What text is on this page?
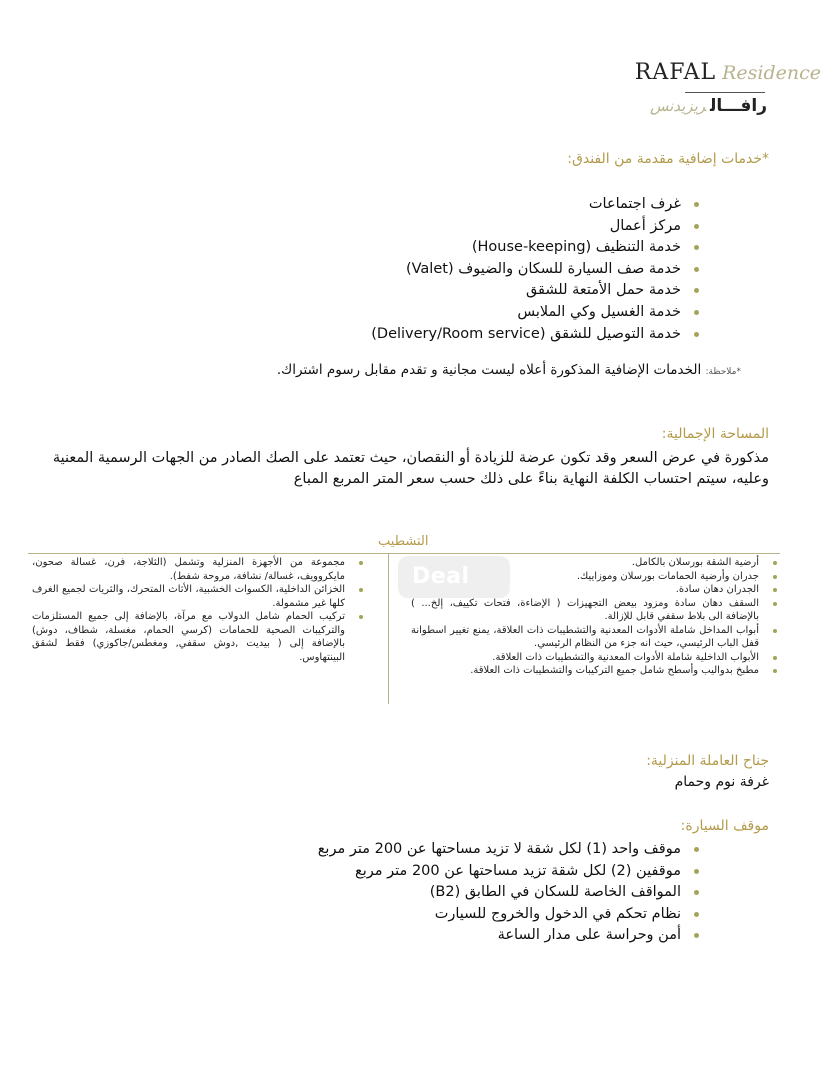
RAFAL Residence
رافـــالريزيدنس
*خدمات إضافية مقدمة من الفندق:
غرف اجتماعات
مركز أعمال
خدمة التنظيف (House-keeping)
خدمة صف السيارة للسكان والضيوف (Valet)
خدمة حمل الأمتعة للشقق
خدمة الغسيل وكي الملابس
خدمة التوصيل للشقق (Delivery/Room service)
*ملاحظة: الخدمات الإضافية المذكورة أعلاه ليست مجانية و تقدم مقابل رسوم اشتراك.
المساحة الإجمالية:
مذكورة في عرض السعر وقد تكون عرضة للزيادة أو النقصان، حيث تعتمد على الصك الصادر من الجهات الرسمية المعنية وعليه، سيتم احتساب الكلفة النهاية بناءً على ذلك حسب سعر المتر المربع المباع
التشطيب
أرضية الشقة بورسلان بالكامل.
جدران وأرضية الحمامات بورسلان وموزاييك.
الجدران دهان سادة.
السقف دهان سادة ومزود بيعض التجهيزات ( الإضاءة، فتحات تكييف، إلخ... ) بالإضافة الى بلاط سقفي قابل للإزالة.
أبواب المداخل شاملة الأدوات المعدنية والتشطيبات ذات العلاقة، يمنع تغيير اسطوانة قفل الباب الرئيسي، حيث انه جزء من النظام الرئيسي.
الأبواب الداخلية شاملة الأدوات المعدنية والتشطيبات ذات العلاقة.
مطبخ بدواليب وأسطح شامل جميع التركيبات والتشطيبات ذات العلاقة.
مجموعة من الأجهزة المنزلية وتشمل (الثلاجة، فرن، غسالة صحون، مايكروويف، غسالة/ نشافة، مروحة شفط).
الخزائن الداخلية، الكسوات الخشبية، الأثاث المتحرك، والثريات لجميع الغرف كلها غير مشمولة.
تركيب الحمام شامل الدولاب مع مرآة، بالإضافة إلى جميع المستلزمات والتركيبات الصحية للحمامات (كرسي الحمام، مغسلة، شطاف، دوش) بالإضافة إلى ( بيديت ,دوش سقفي, ومغطس/جاكوزي) فقط لشقق البينتهاوس.
Deal
جناح العاملة المنزلية:
غرفة نوم وحمام
موقف السيارة:
موقف واحد (1) لكل شقة لا تزيد مساحتها عن 200 متر مربع
موقفين (2) لكل شقة تزيد مساحتها عن 200 متر مربع
المواقف الخاصة للسكان في الطابق (B2)
نظام تحكم في الدخول والخروج للسيارت
أمن وحراسة على مدار الساعة
